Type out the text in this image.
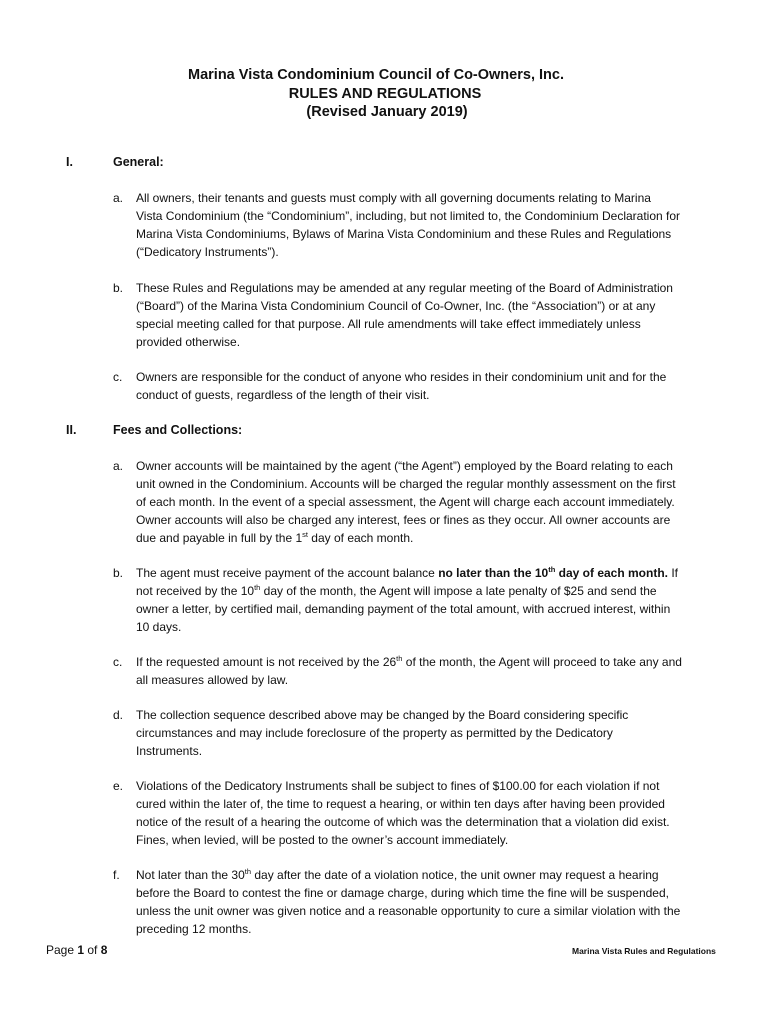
Marina Vista Condominium Council of Co-Owners, Inc.
RULES AND REGULATIONS
(Revised January 2019)
I.	General:
a. All owners, their tenants and guests must comply with all governing documents relating to Marina
Vista Condominium (the “Condominium”, including, but not limited to, the Condominium Declaration for
Marina Vista Condominiums, Bylaws of Marina Vista Condominium and these Rules and Regulations
(“Dedicatory Instruments”).
b. These Rules and Regulations may be amended at any regular meeting of the Board of Administration
(“Board”) of the Marina Vista Condominium Council of Co-Owner, Inc. (the “Association”) or at any
special meeting called for that purpose. All rule amendments will take effect immediately unless
provided otherwise.
c. Owners are responsible for the conduct of anyone who resides in their condominium unit and for the
conduct of guests, regardless of the length of their visit.
II.	Fees and Collections:
a. Owner accounts will be maintained by the agent (“the Agent”) employed by the Board relating to each
unit owned in the Condominium. Accounts will be charged the regular monthly assessment on the first
of each month. In the event of a special assessment, the Agent will charge each account immediately.
Owner accounts will also be charged any interest, fees or fines as they occur. All owner accounts are
due and payable in full by the 1st day of each month.
b. The agent must receive payment of the account balance no later than the 10th day of each month. If
not received by the 10th day of the month, the Agent will impose a late penalty of $25 and send the
owner a letter, by certified mail, demanding payment of the total amount, with accrued interest, within
10 days.
c. If the requested amount is not received by the 26th of the month, the Agent will proceed to take any and
all measures allowed by law.
d. The collection sequence described above may be changed by the Board considering specific
circumstances and may include foreclosure of the property as permitted by the Dedicatory
Instruments.
e. Violations of the Dedicatory Instruments shall be subject to fines of $100.00 for each violation if not
cured within the later of, the time to request a hearing, or within ten days after having been provided
notice of the result of a hearing the outcome of which was the determination that a violation did exist.
Fines, when levied, will be posted to the owner’s account immediately.
f. Not later than the 30th day after the date of a violation notice, the unit owner may request a hearing
before the Board to contest the fine or damage charge, during which time the fine will be suspended,
unless the unit owner was given notice and a reasonable opportunity to cure a similar violation with the
preceding 12 months.
Page 1 of 8	Marina Vista Rules and Regulations
